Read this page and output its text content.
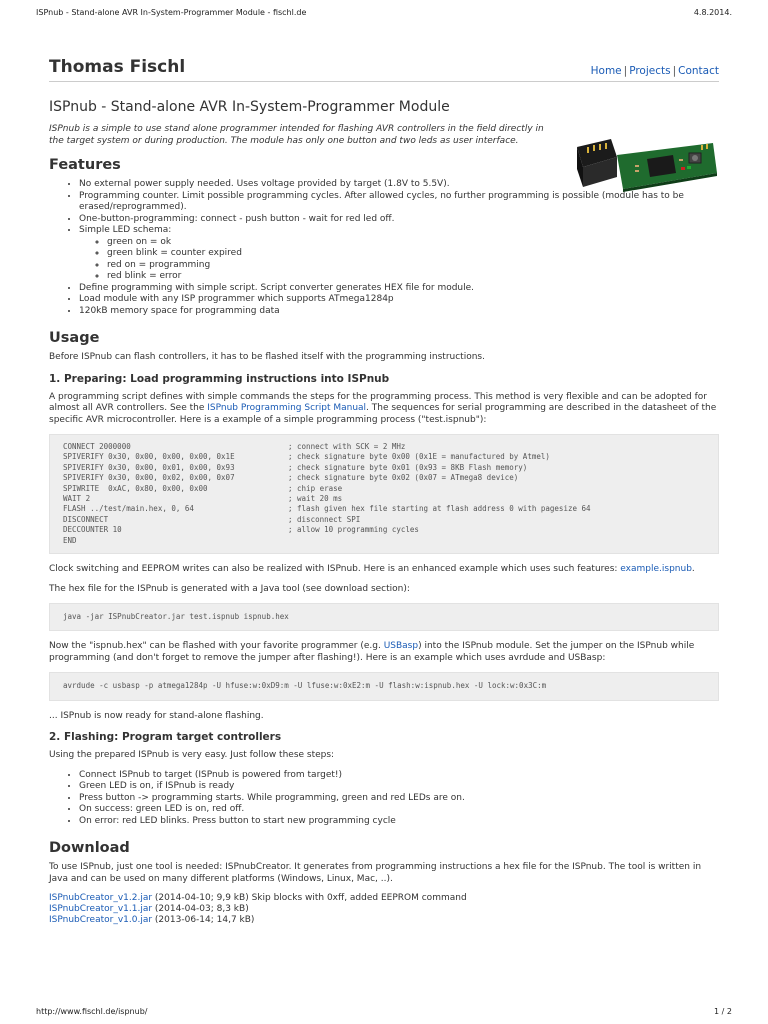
ISPnub - Stand-alone AVR In-System-Programmer Module - fischl.de	4.8.2014.
Thomas Fischl	Home | Projects | Contact
ISPnub - Stand-alone AVR In-System-Programmer Module

ISPnub is a simple to use stand alone programmer intended for flashing AVR controllers in the field directly in the target system or during production. The module has only one button and two leds as user interface.

Features
• No external power supply needed. Uses voltage provided by target (1.8V to 5.5V).
• Programming counter. Limit possible programming cycles. After allowed cycles, no further programming is possible (module has to be erased/reprogrammed).
• One-button-programming: connect - push button - wait for red led off.
• Simple LED schema:
◦ green on = ok
◦ green blink = counter expired
◦ red on = programming
◦ red blink = error
• Define programming with simple script. Script converter generates HEX file for module.
• Load module with any ISP programmer which supports ATmega1284p
• 120kB memory space for programming data
Usage

Before ISPnub can flash controllers, it has to be flashed itself with the programming instructions.

1. Preparing: Load programming instructions into ISPnub

A programming script defines with simple commands the steps for the programming process. This method is very flexible and can be adopted for almost all AVR controllers. See the ISPnub Programming Script Manual. The sequences for serial programming are described in the datasheet of the specific AVR microcontroller. Here is a example of a simple programming process ("test.ispnub"):

CONNECT 2000000	; connect with SCK = 2 MHz
SPIVERIFY 0x30, 0x00, 0x00, 0x00, 0x1E	; check signature byte 0x00 (0x1E = manufactured by Atmel)
SPIVERIFY 0x30, 0x00, 0x01, 0x00, 0x93	; check signature byte 0x01 (0x93 = 8KB Flash memory)
SPIVERIFY 0x30, 0x00, 0x02, 0x00, 0x07	; check signature byte 0x02 (0x07 = ATmega8 device)
SPIWRITE  0xAC, 0x80, 0x00, 0x00	; chip erase
WAIT 2	; wait 20 ms
FLASH ../test/main.hex, 0, 64	; flash given hex file starting at flash address 0 with pagesize 64
DISCONNECT	; disconnect SPI
DECCOUNTER 10	; allow 10 programming cycles
END

Clock switching and EEPROM writes can also be realized with ISPnub. Here is an enhanced example which uses such features: example.ispnub.

The hex file for the ISPnub is generated with a Java tool (see download section):

java -jar ISPnubCreator.jar test.ispnub ispnub.hex

Now the "ispnub.hex" can be flashed with your favorite programmer (e.g. USBasp) into the ISPnub module. Set the jumper on the ISPnub while programming (and don't forget to remove the jumper after flashing!). Here is an example which uses avrdude and USBasp:

avrdude -c usbasp -p atmega1284p -U hfuse:w:0xD9:m -U lfuse:w:0xE2:m -U flash:w:ispnub.hex -U lock:w:0x3C:m

... ISPnub is now ready for stand-alone flashing.

2. Flashing: Program target controllers

Using the prepared ISPnub is very easy. Just follow these steps:

• Connect ISPnub to target (ISPnub is powered from target!)
• Green LED is on, if ISPnub is ready
• Press button -> programming starts. While programming, green and red LEDs are on.
• On success: green LED is on, red off.
• On error: red LED blinks. Press button to start new programming cycle
Download

To use ISPnub, just one tool is needed: ISPnubCreator. It generates from programming instructions a hex file for the ISPnub. The tool is written in Java and can be used on many different platforms (Windows, Linux, Mac, ..).

ISPnubCreator_v1.2.jar (2014-04-10; 9,9 kB) Skip blocks with 0xff, added EEPROM command
ISPnubCreator_v1.1.jar (2014-04-03; 8,3 kB)
ISPnubCreator_v1.0.jar (2013-06-14; 14,7 kB)
http://www.fischl.de/ispnub/	1 / 2
